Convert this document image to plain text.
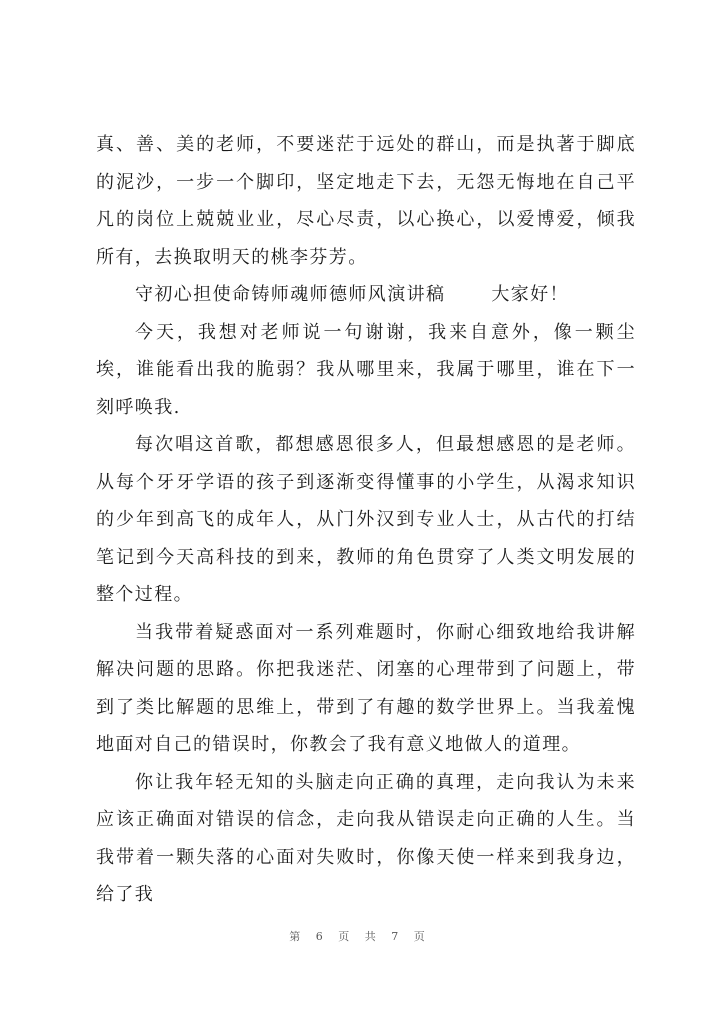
真、善、美的老师，不要迷茫于远处的群山，而是执著于脚底的泥沙，一步一个脚印，坚定地走下去，无怨无悔地在自己平凡的岗位上兢兢业业，尽心尽责，以心换心，以爱博爱，倾我所有，去换取明天的桃李芬芳。

守初心担使命铸师魂师德师风演讲稿　　 大家好！

今天，我想对老师说一句谢谢，我来自意外，像一颗尘埃，谁能看出我的脆弱？我从哪里来，我属于哪里，谁在下一刻呼唤我.

每次唱这首歌，都想感恩很多人，但最想感恩的是老师。从每个牙牙学语的孩子到逐渐变得懂事的小学生，从渴求知识的少年到高飞的成年人，从门外汉到专业人士，从古代的打结笔记到今天高科技的到来，教师的角色贯穿了人类文明发展的整个过程。

当我带着疑惑面对一系列难题时，你耐心细致地给我讲解解决问题的思路。你把我迷茫、闭塞的心理带到了问题上，带到了类比解题的思维上，带到了有趣的数学世界上。当我羞愧地面对自己的错误时，你教会了我有意义地做人的道理。

你让我年轻无知的头脑走向正确的真理，走向我认为未来应该正确面对错误的信念，走向我从错误走向正确的人生。当我带着一颗失落的心面对失败时，你像天使一样来到我身边，给了我

第 6 页 共 7 页
